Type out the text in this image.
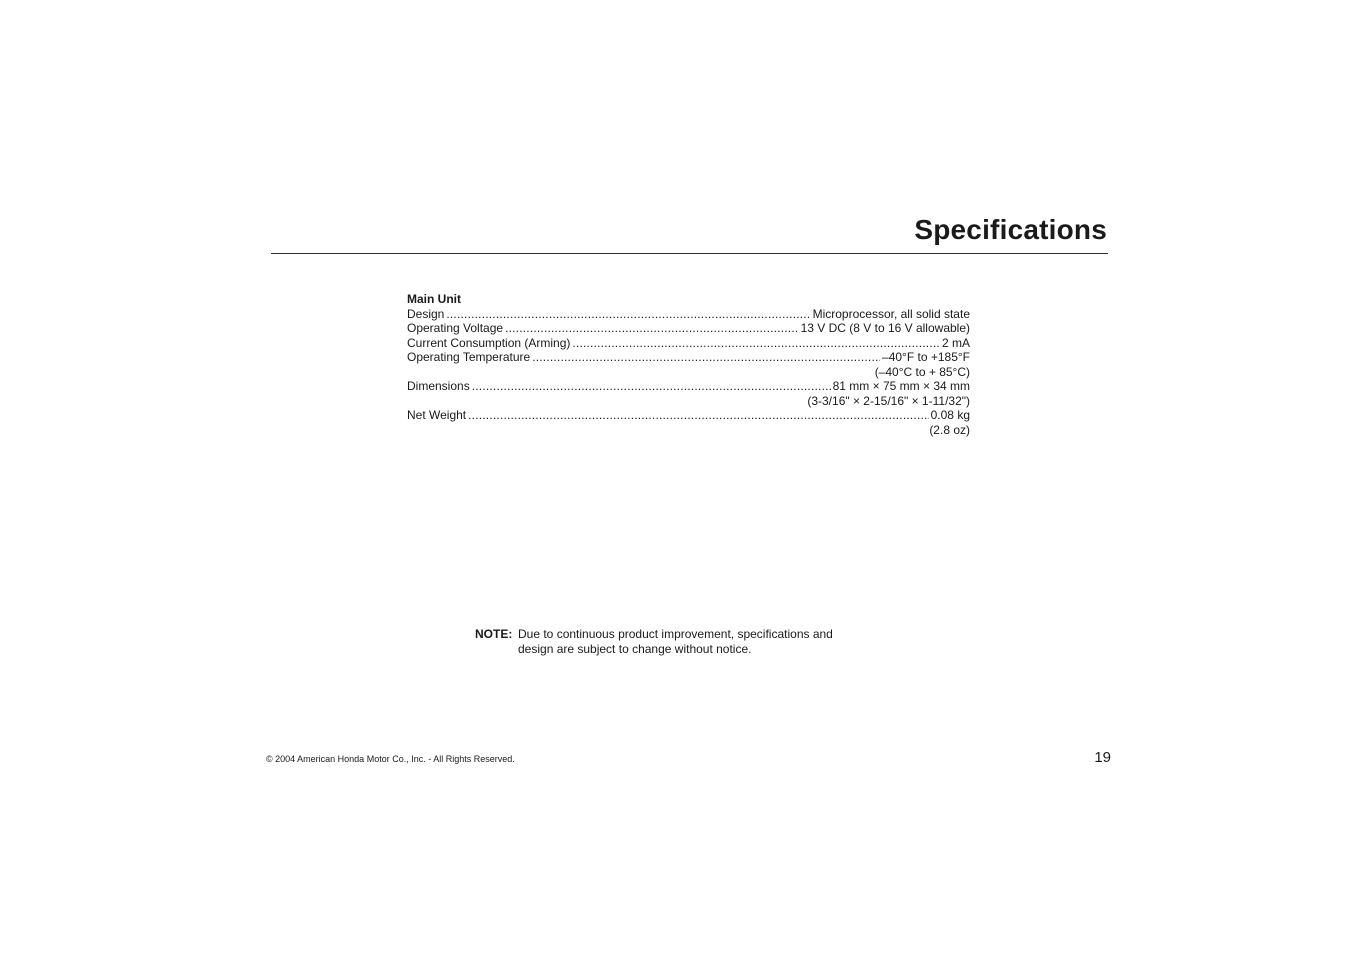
Specifications
Main Unit
Design .....	Microprocessor, all solid state
Operating Voltage .....	13 V DC (8 V to 16 V allowable)
Current Consumption (Arming) .....	2 mA
Operating Temperature .....	–40°F to +185°F
(–40°C to + 85°C)
Dimensions .....	81 mm × 75 mm × 34 mm
(3-3/16" × 2-15/16" × 1-11/32")
Net Weight .....	0.08 kg
(2.8 oz)
NOTE: Due to continuous product improvement, specifications and
design are subject to change without notice.
© 2004 American Honda Motor Co., Inc. - All Rights Reserved.	19
